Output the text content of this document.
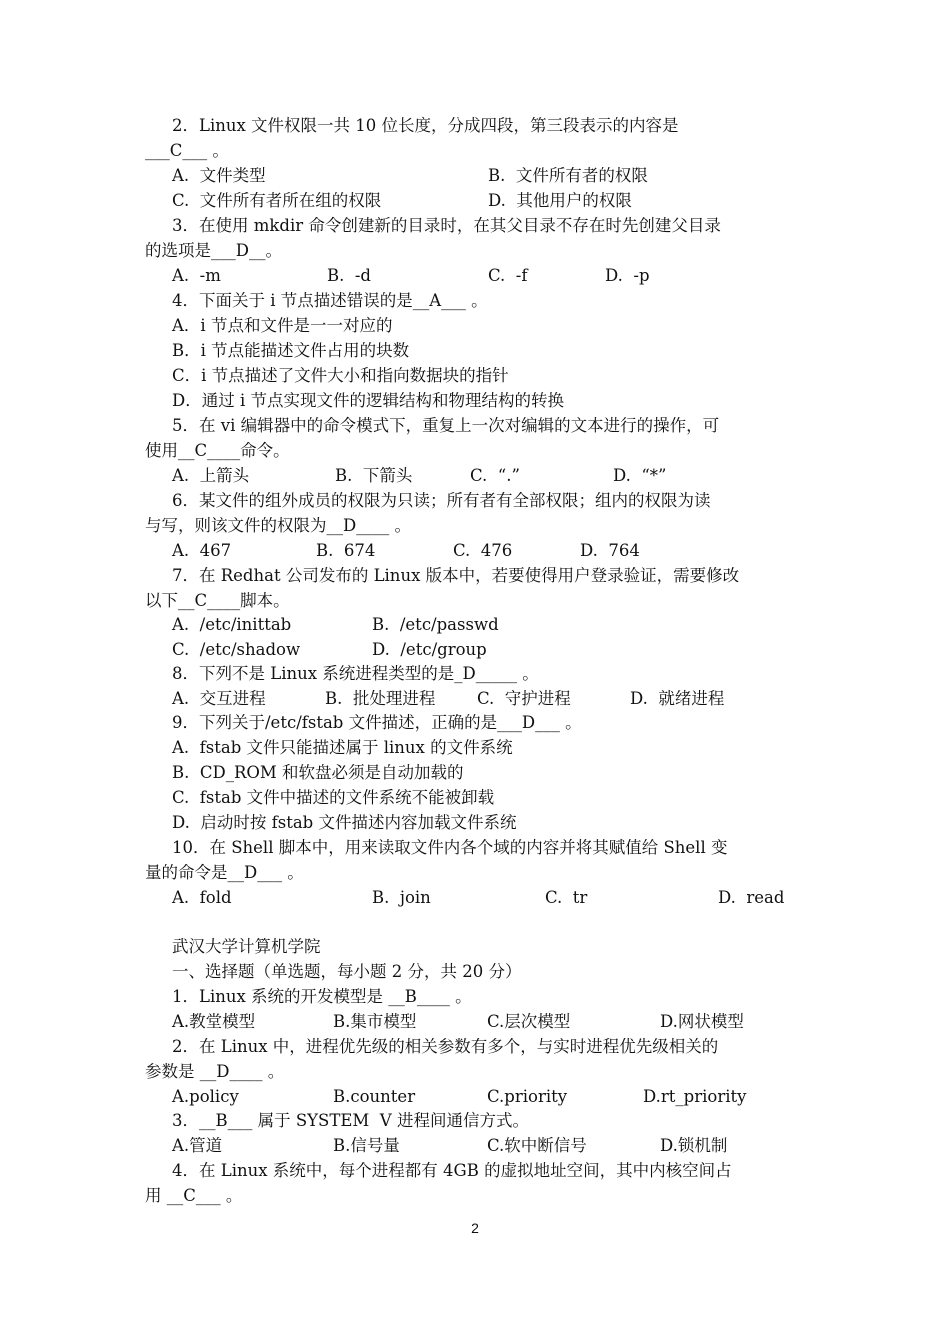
2．Linux 文件权限一共 10 位长度，分成四段，第三段表示的内容是
___C___ 。
A.  文件类型	B.  文件所有者的权限
C.  文件所有者所在组的权限	D.  其他用户的权限
3．在使用 mkdir 命令创建新的目录时，在其父目录不存在时先创建父目录
的选项是___D__。
A.  -m	B.  -d	C.  -f	D.  -p
4．下面关于 i 节点描述错误的是__A___ 。
A．i 节点和文件是一一对应的
B．i 节点能描述文件占用的块数
C．i 节点描述了文件大小和指向数据块的指针
D．通过 i 节点实现文件的逻辑结构和物理结构的转换
5．在 vi 编辑器中的命令模式下，重复上一次对编辑的文本进行的操作，可
使用__C____命令。
A.  上箭头	B.  下箭头	C.  “.”	D.  “*”
6．某文件的组外成员的权限为只读；所有者有全部权限；组内的权限为读
与写，则该文件的权限为__D____ 。
A.  467	B.  674	C.  476	D.  764
7．在 Redhat 公司发布的 Linux 版本中，若要使得用户登录验证，需要修改
以下__C____脚本。
A.  /etc/inittab	B.  /etc/passwd
C.  /etc/shadow	D.  /etc/group
8．下列不是 Linux 系统进程类型的是_D_____ 。
A.  交互进程	B.  批处理进程	C.  守护进程	D.  就绪进程
9．下列关于/etc/fstab 文件描述，正确的是___D___ 。
A.  fstab 文件只能描述属于 linux 的文件系统
B.  CD_ROM 和软盘必须是自动加载的
C.  fstab 文件中描述的文件系统不能被卸载
D.  启动时按 fstab 文件描述内容加载文件系统
10．在 Shell 脚本中，用来读取文件内各个域的内容并将其赋值给 Shell 变
量的命令是__D___ 。
A.  fold	B.  join	C.  tr	D.  read
武汉大学计算机学院
一、选择题（单选题，每小题 2 分，共 20 分）
1．Linux 系统的开发模型是 __B____ 。
A.教堂模型	B.集市模型	C.层次模型	D.网状模型
2．在 Linux 中，进程优先级的相关参数有多个，与实时进程优先级相关的
参数是 __D____ 。
A.policy	B.counter	C.priority	D.rt_priority
3．__B___ 属于 SYSTEM  V 进程间通信方式。
A.管道	B.信号量	C.软中断信号	D.锁机制
4．在 Linux 系统中，每个进程都有 4GB 的虚拟地址空间，其中内核空间占
用 __C___ 。
2
